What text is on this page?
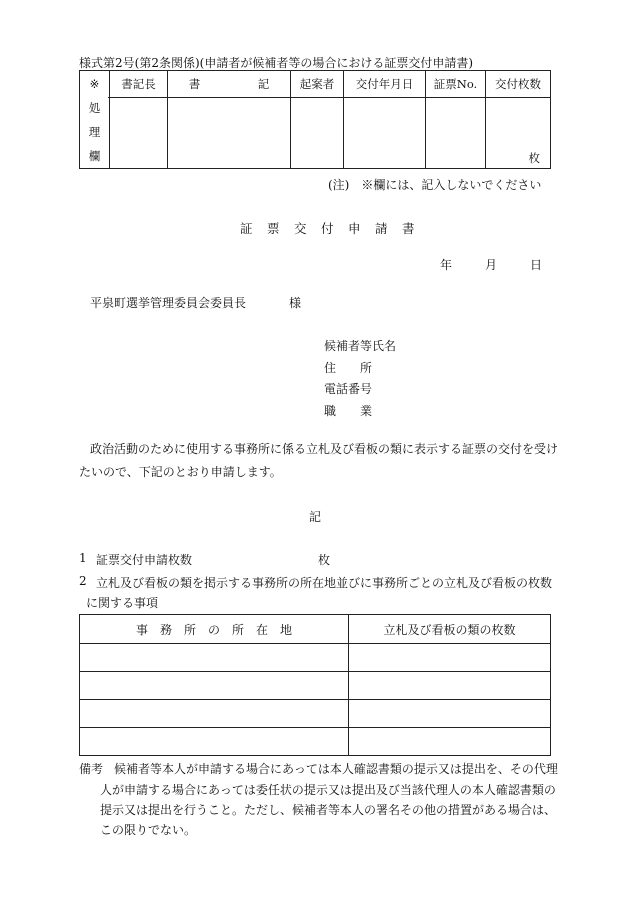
様式第2号(第2条関係)(申請者が候補者等の場合における証票交付申請書)
※	書記長	書　　　　　記	起案者	交付年月日	証票No.	交付枚数

処
理
欄						枚
(注)　※欄には、記入しないでください
証　票　交　付　申　請　書
年　　月　　日
平泉町選挙管理委員会委員長	様
候補者等氏名
住　　所
電話番号
職　　業
政治活動のために使用する事務所に係る立札及び看板の類に表示する証票の交付を受け
たいので、下記のとおり申請します。
記
1 証票交付申請枚数	枚
2 立札及び看板の類を掲示する事務所の所在地並びに事務所ごとの立札及び看板の枚数
に関する事項
事　務　所　の　所　在　地	立札及び看板の類の枚数

備考 候補者等本人が申請する場合にあっては本人確認書類の提示又は提出を、その代理
人が申請する場合にあっては委任状の提示又は提出及び当該代理人の本人確認書類の
提示又は提出を行うこと。ただし、候補者等本人の署名その他の措置がある場合は、
この限りでない。
